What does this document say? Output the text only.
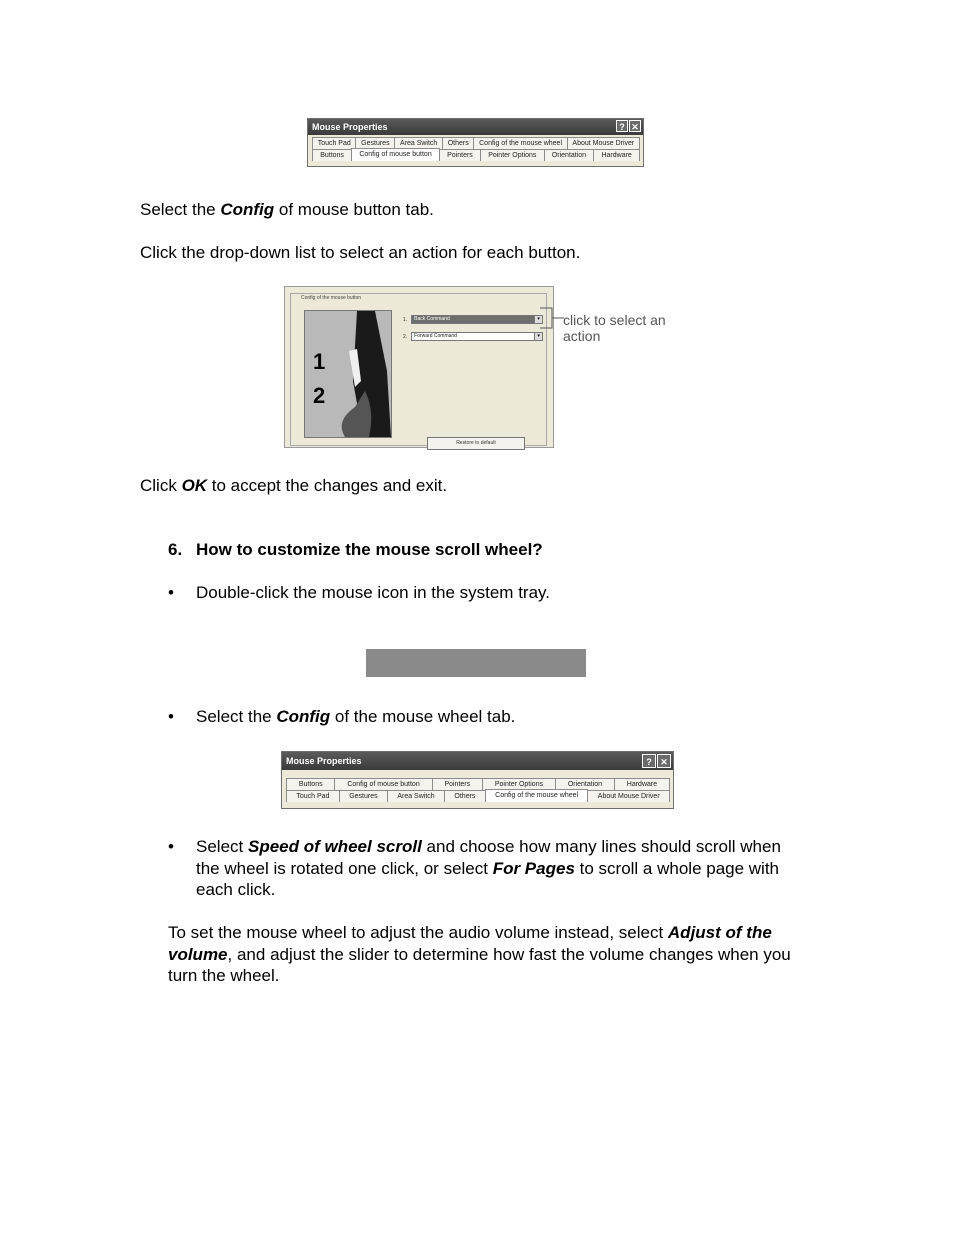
Mouse Properties	? ✕
Touch Pad	Gestures	Area Switch	Others	Config of the mouse wheel	About Mouse Driver
Buttons	Config of mouse button	Pointers	Pointer Options	Orientation	Hardware

Select the Config of mouse button tab.

Click the drop-down list to select an action for each button.

Config of the mouse button
1
2
1.	Back Command	▾
2.	Forward Command	▾
Restore to default
click to select an action

Click OK to accept the changes and exit.

6. How to customize the mouse scroll wheel?

• Double-click the mouse icon in the system tray.
• Select the Config of the mouse wheel tab.
Mouse Properties	? ✕
Buttons	Config of mouse button	Pointers	Pointer Options	Orientation	Hardware
Touch Pad	Gestures	Area Switch	Others	Config of the mouse wheel	About Mouse Driver
• Select Speed of wheel scroll and choose how many lines should scroll when the wheel is rotated one click, or select For Pages to scroll a whole page with each click.

To set the mouse wheel to adjust the audio volume instead, select Adjust of the volume, and adjust the slider to determine how fast the volume changes when you turn the wheel.
